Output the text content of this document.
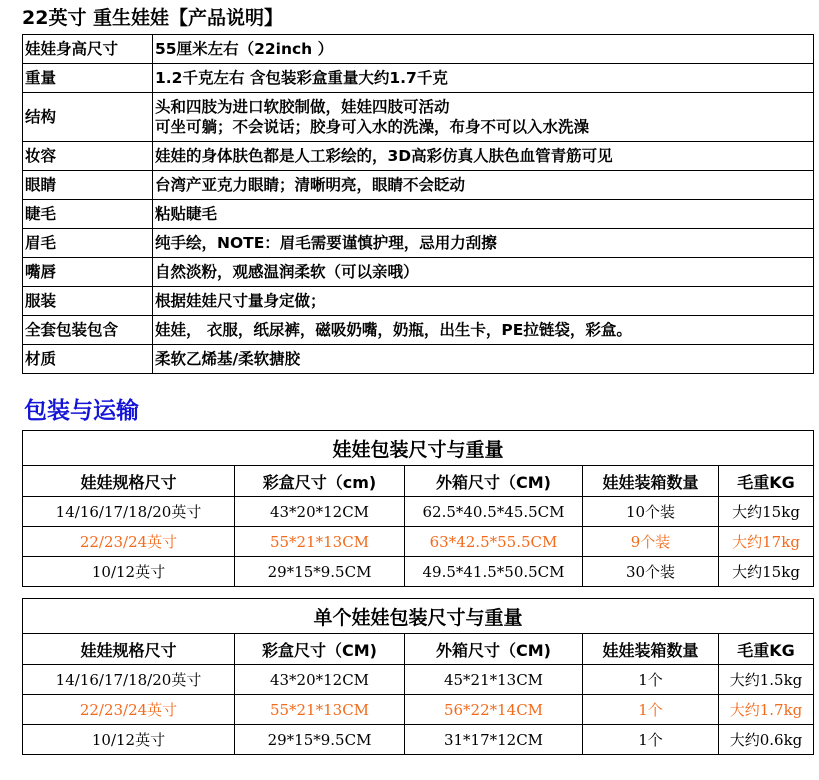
22英寸 重生娃娃【产品说明】
娃娃身高尺寸	55厘米左右（22inch ）
重量	1.2千克左右 含包装彩盒重量大约1.7千克
结构	头和四肢为进口软胶制做，娃娃四肢可活动
可坐可躺；不会说话；胶身可入水的洗澡，布身不可以入水洗澡

妆容	娃娃的身体肤色都是人工彩绘的，3D高彩仿真人肤色血管青筋可见
眼睛	台湾产亚克力眼睛；清晰明亮，眼睛不会眨动
睫毛	粘贴睫毛
眉毛	纯手绘，NOTE：眉毛需要谨慎护理，忌用力刮擦
嘴唇	自然淡粉，观感温润柔软（可以亲哦）
服装	根据娃娃尺寸量身定做；
全套包装包含	娃娃， 衣服，纸尿裤，磁吸奶嘴，奶瓶，出生卡，PE拉链袋，彩盒。
材质	柔软乙烯基/柔软搪胶
包装与运输
娃娃包装尺寸与重量				
娃娃规格尺寸	彩盒尺寸（cm)	外箱尺寸（CM)	娃娃装箱数量	毛重KG
14/16/17/18/20英寸	43*20*12CM	62.5*40.5*45.5CM	10个装	大约15kg
22/23/24英寸	55*21*13CM	63*42.5*55.5CM	9个装	大约17kg
10/12英寸	29*15*9.5CM	49.5*41.5*50.5CM	30个装	大约15kg
单个娃娃包装尺寸与重量				
娃娃规格尺寸	彩盒尺寸（CM)	外箱尺寸（CM)	娃娃装箱数量	毛重KG
14/16/17/18/20英寸	43*20*12CM	45*21*13CM	1个	大约1.5kg
22/23/24英寸	55*21*13CM	56*22*14CM	1个	大约1.7kg
10/12英寸	29*15*9.5CM	31*17*12CM	1个	大约0.6kg
